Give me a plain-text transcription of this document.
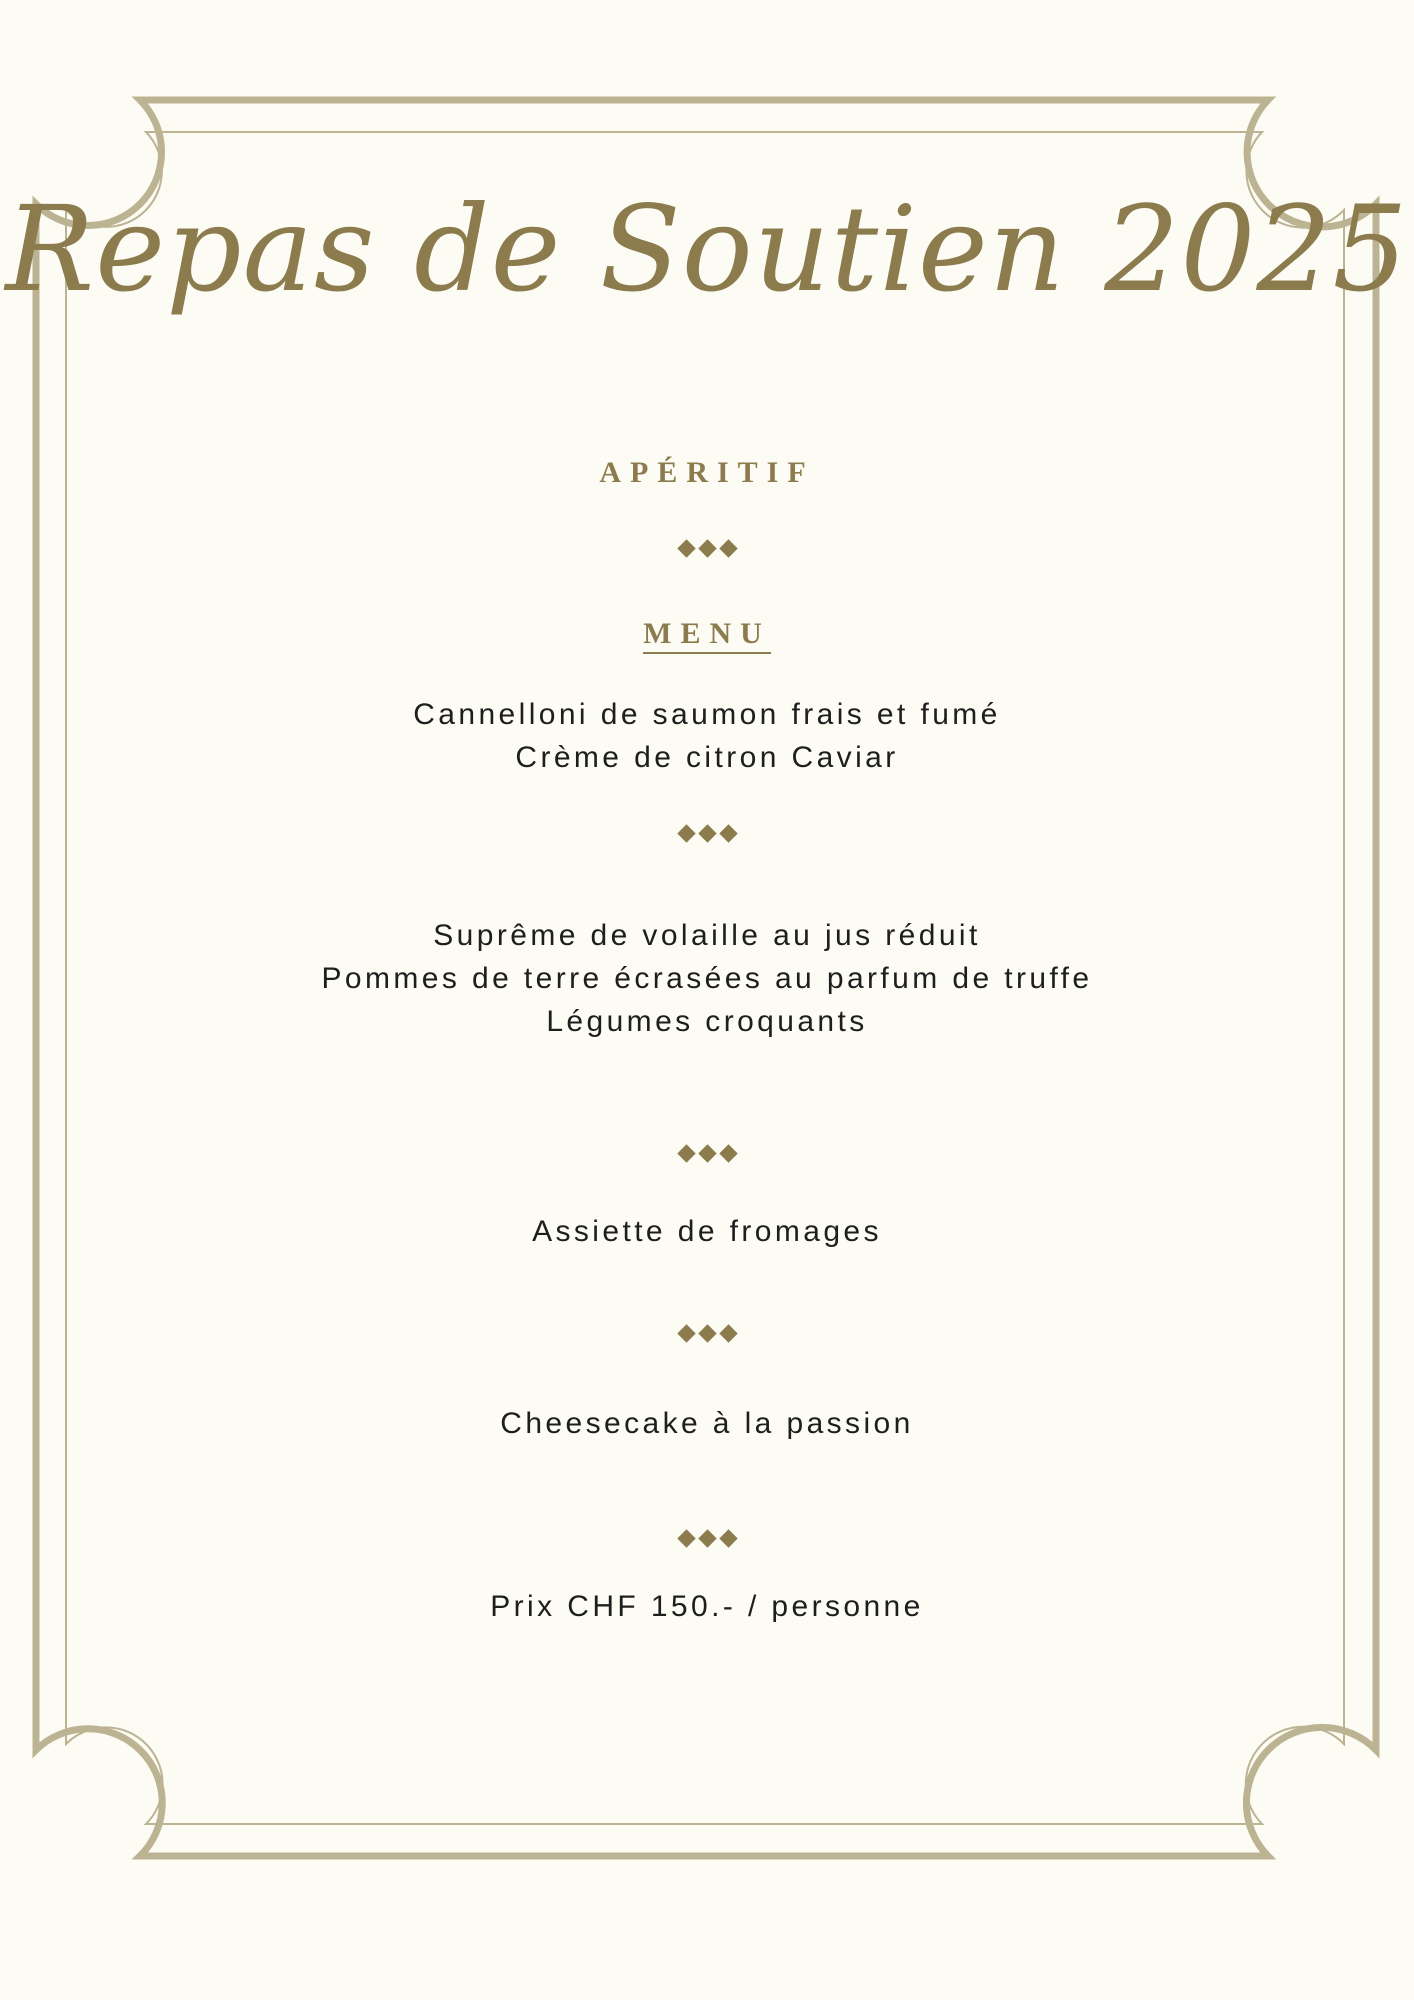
Repas de Soutien 2025
APÉRITIF
MENU
Cannelloni de saumon frais et fumé
Crème de citron Caviar
Suprême de volaille au jus réduit
Pommes de terre écrasées au parfum de truffe
Légumes croquants
Assiette de fromages
Cheesecake à la passion
Prix CHF 150.- / personne
